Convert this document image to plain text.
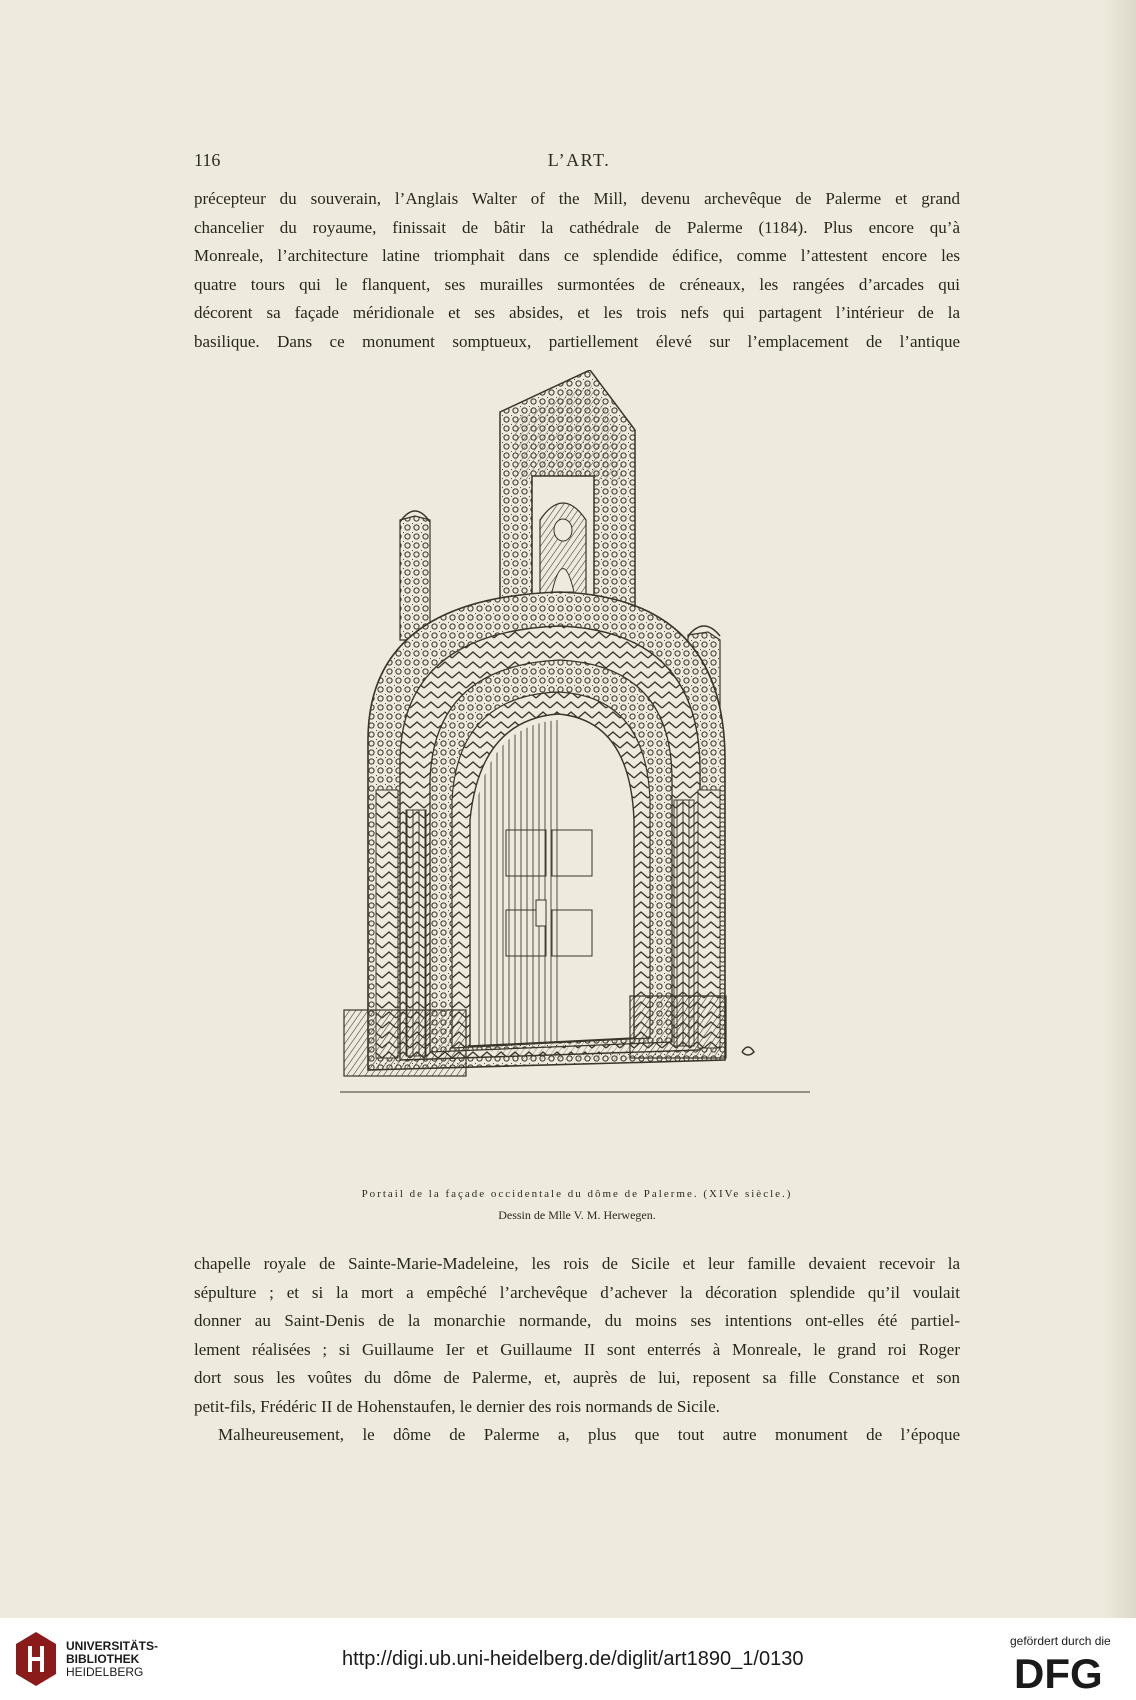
116	L’ART.
précepteur du souverain, l’Anglais Walter of the Mill, devenu archevêque de Palerme et grand
chancelier du royaume, finissait de bâtir la cathédrale de Palerme (1184). Plus encore qu’à
Monreale, l’architecture latine triomphait dans ce splendide édifice, comme l’attestent encore les
quatre tours qui le flanquent, ses murailles surmontées de créneaux, les rangées d’arcades qui
décorent sa façade méridionale et ses absides, et les trois nefs qui partagent l’intérieur de la
basilique. Dans ce monument somptueux, partiellement élevé sur l’emplacement de l’antique
Portail de la façade occidentale du dôme de Palerme. (XIVe siècle.)
Dessin de Mlle V. M. Herwegen.
chapelle royale de Sainte-Marie-Madeleine, les rois de Sicile et leur famille devaient recevoir la
sépulture ; et si la mort a empêché l’archevêque d’achever la décoration splendide qu’il voulait
donner au Saint-Denis de la monarchie normande, du moins ses intentions ont-elles été partiel-
lement réalisées ; si Guillaume Ier et Guillaume II sont enterrés à Monreale, le grand roi Roger
dort sous les voûtes du dôme de Palerme, et, auprès de lui, reposent sa fille Constance et son
petit-fils, Frédéric II de Hohenstaufen, le dernier des rois normands de Sicile.
Malheureusement, le dôme de Palerme a, plus que tout autre monument de l’époque
UNIVERSITÄTS-
BIBLIOTHEK
HEIDELBERG
http://digi.ub.uni-heidelberg.de/diglit/art1890_1/0130
gefördert durch die
DFG
